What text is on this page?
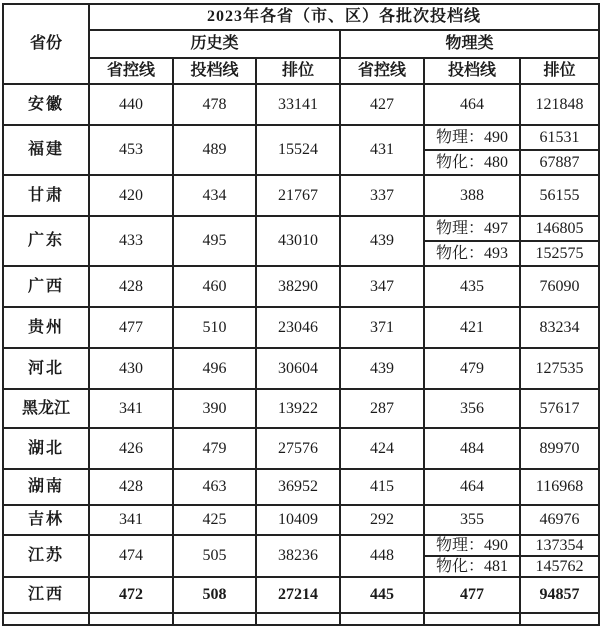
省份	2023年各省（市、区）各批次投档线					
	历史类			物理类		
	省控线	投档线	排位	省控线	投档线	排位
安徽	440	478	33141	427	464	121848
福建	453	489	15524	431	物理：490	61531
					物化：480	67887
甘肃	420	434	21767	337	388	56155
广东	433	495	43010	439	物理：497	146805
					物化：493	152575
广西	428	460	38290	347	435	76090
贵州	477	510	23046	371	421	83234
河北	430	496	30604	439	479	127535
黑龙江	341	390	13922	287	356	57617
湖北	426	479	27576	424	484	89970
湖南	428	463	36952	415	464	116968
吉林	341	425	10409	292	355	46976
江苏	474	505	38236	448	物理：490	137354
					物化：481	145762
江西	472	508	27214	445	477	94857
